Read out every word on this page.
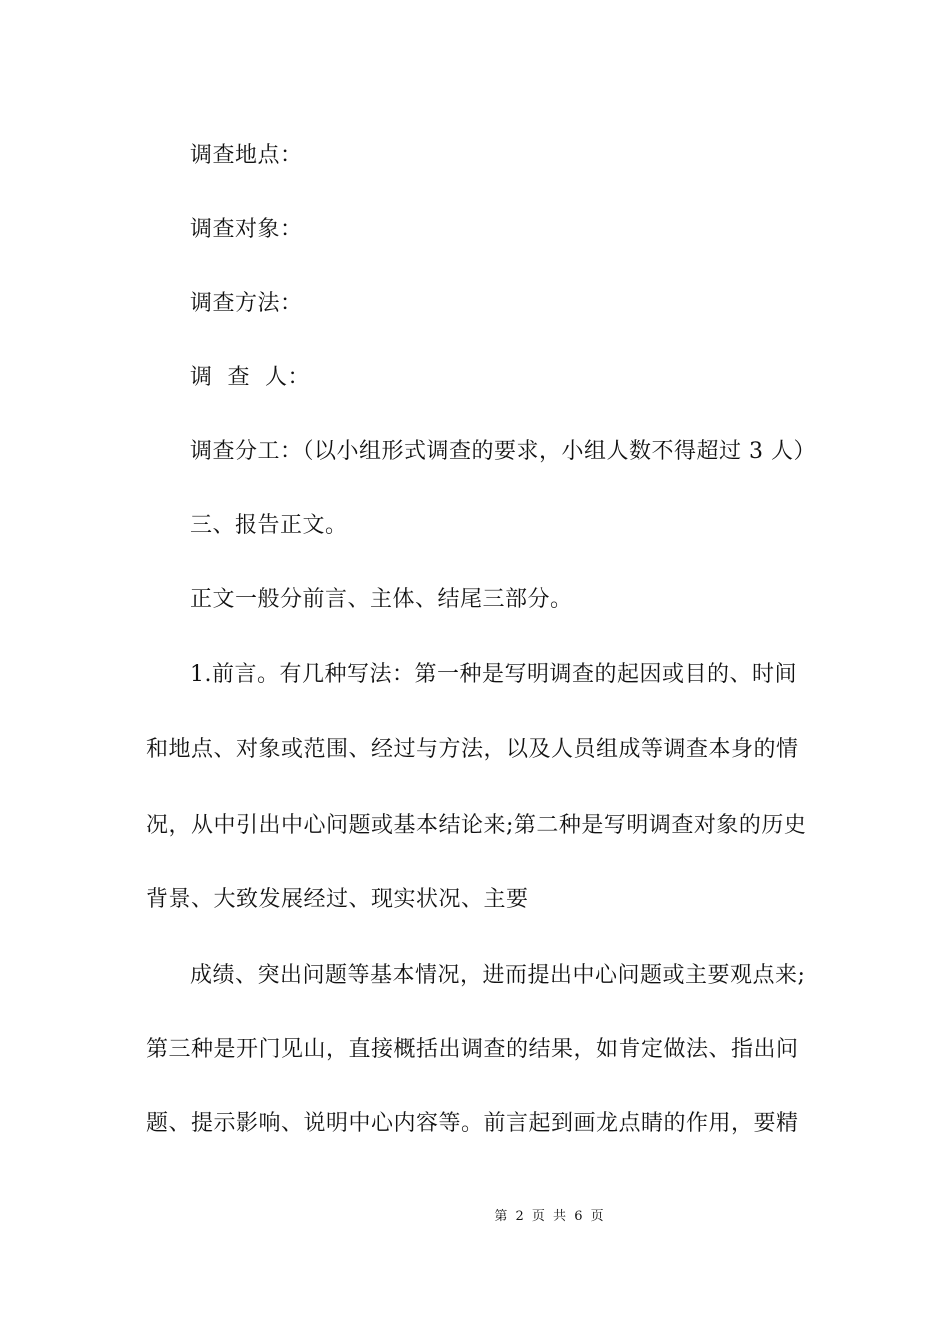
调查地点：
调查对象：
调查方法：
调  查  人：
调查分工：（以小组形式调查的要求，小组人数不得超过 3 人）
三、报告正文。
正文一般分前言、主体、结尾三部分。
1.前言。有几种写法：第一种是写明调查的起因或目的、时间
和地点、对象或范围、经过与方法，以及人员组成等调查本身的情
况，从中引出中心问题或基本结论来;第二种是写明调查对象的历史
背景、大致发展经过、现实状况、主要
成绩、突出问题等基本情况，进而提出中心问题或主要观点来;
第三种是开门见山，直接概括出调查的结果，如肯定做法、指出问
题、提示影响、说明中心内容等。前言起到画龙点睛的作用，要精
第 2 页 共 6 页
